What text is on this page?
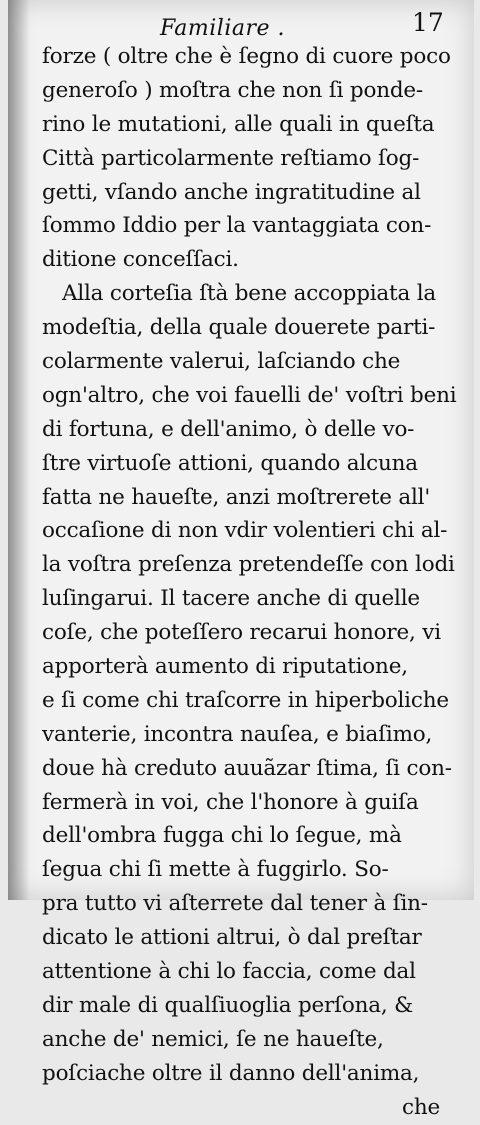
Familiare .	17
forze ( oltre che è ſegno di cuore poco
generoſo ) moſtra che non ſi ponde-
rino le mutationi, alle quali in queſta
Città particolarmente reſtiamo ſog-
getti, vſando anche ingratitudine al
ſommo Iddio per la vantaggiata con-
ditione conceſſaci.
Alla corteſia ſtà bene accoppiata la
modeſtia, della quale douerete parti-
colarmente valerui, laſciando che
ogn'altro, che voi fauelli de' voſtri beni
di fortuna, e dell'animo, ò delle vo-
ſtre virtuoſe attioni, quando alcuna
fatta ne haueſte, anzi moſtrerete all'
occaſione di non vdir volentieri chi al-
la voſtra preſenza pretendeſſe con lodi
luſingarui. Il tacere anche di quelle
coſe, che poteſſero recarui honore, vi
apporterà aumento di riputatione,
e ſi come chi traſcorre in hiperboliche
vanterie, incontra nauſea, e biaſimo,
doue hà creduto auuãzar ſtima, ſi con-
fermerà in voi, che l'honore à guiſa
dell'ombra fugga chi lo ſegue, mà
ſegua chi ſi mette à fuggirlo. So-
pra tutto vi aſterrete dal tener à ſin-
dicato le attioni altrui, ò dal preſtar
attentione à chi lo faccia, come dal
dir male di qualſiuoglia perſona, &
anche de' nemici, ſe ne haueſte,
poſciache oltre il danno dell'anima,
che
